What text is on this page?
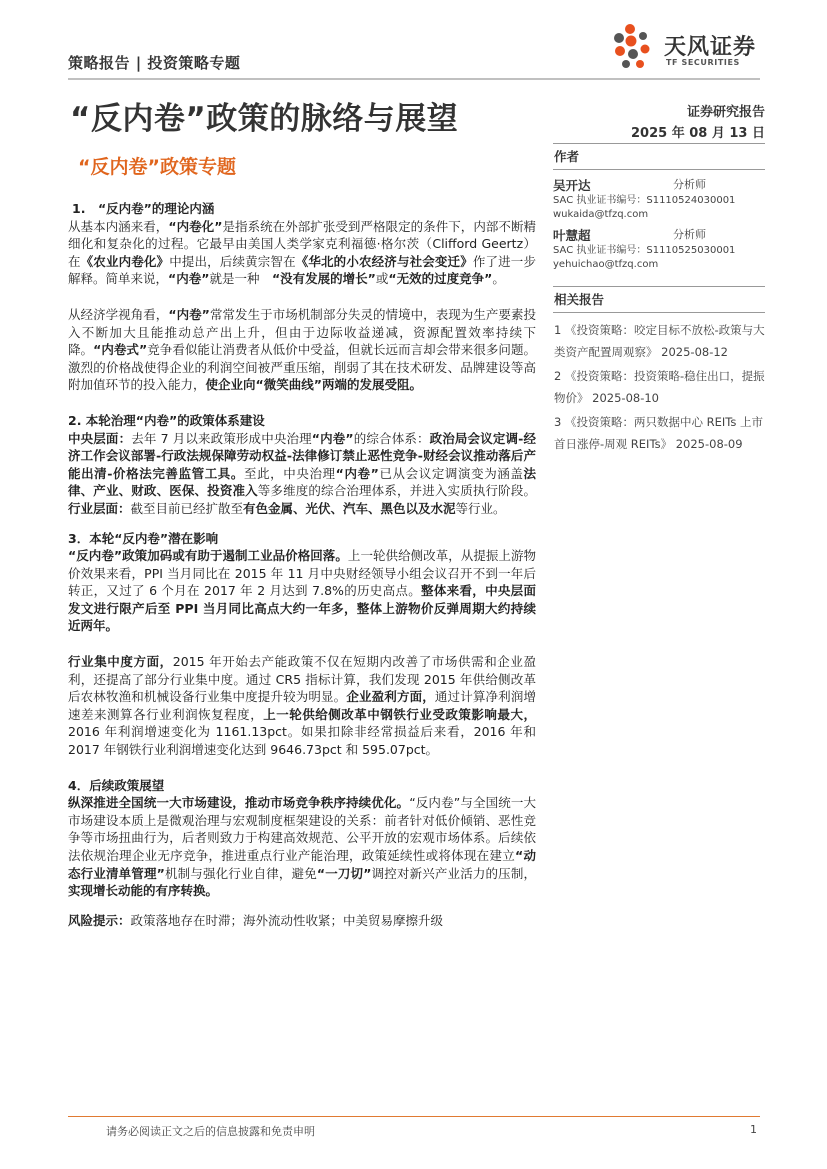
策略报告 | 投资策略专题
天风证券
TF SECURITIES
“反内卷”政策的脉络与展望
“反内卷”政策专题
证券研究报告
2025 年 08 月 13 日
作者
吴开达	分析师
SAC 执业证书编号：S1110524030001
wukaida@tfzq.com
叶慧超	分析师
SAC 执业证书编号：S1110525030001
yehuichao@tfzq.com
相关报告
1 《投资策略：咬定目标不放松-政策与大类资产配置周观察》 2025-08-12
2 《投资策略：投资策略-稳住出口，提振物价》 2025-08-10
3 《投资策略：两只数据中心 REITs 上市首日涨停-周观 REITs》 2025-08-09
1.　“反内卷”的理论内涵
从基本内涵来看，“内卷化”是指系统在外部扩张受到严格限定的条件下，内部不断精细化和复杂化的过程。它最早由美国人类学家克利福德·格尔茨（Clifford Geertz）在《农业内卷化》中提出，后续黄宗智在《华北的小农经济与社会变迁》作了进一步解释。简单来说，“内卷”就是一种　“没有发展的增长”或“无效的过度竞争”。
从经济学视角看，“内卷”常常发生于市场机制部分失灵的情境中，表现为生产要素投入不断加大且能推动总产出上升，但由于边际收益递减，资源配置效率持续下降。“内卷式”竞争看似能让消费者从低价中受益，但就长远而言却会带来很多问题。激烈的价格战使得企业的利润空间被严重压缩，削弱了其在技术研发、品牌建设等高附加值环节的投入能力，使企业向“微笑曲线”两端的发展受阻。
2. 本轮治理“内卷”的政策体系建设
中央层面：去年 7 月以来政策形成中央治理“内卷”的综合体系：政治局会议定调-经济工作会议部署-行政法规保障劳动权益-法律修订禁止恶性竞争-财经会议推动落后产能出清-价格法完善监管工具。至此，中央治理“内卷”已从会议定调演变为涵盖法律、产业、财政、医保、投资准入等多维度的综合治理体系，并进入实质执行阶段。行业层面：截至目前已经扩散至有色金属、光伏、汽车、黑色以及水泥等行业。
3．本轮“反内卷”潜在影响
“反内卷”政策加码或有助于遏制工业品价格回落。上一轮供给侧改革，从提振上游物价效果来看，PPI 当月同比在 2015 年 11 月中央财经领导小组会议召开不到一年后转正，又过了 6 个月在 2017 年 2 月达到 7.8%的历史高点。整体来看，中央层面发文进行限产后至 PPI 当月同比高点大约一年多，整体上游物价反弹周期大约持续近两年。
行业集中度方面，2015 年开始去产能政策不仅在短期内改善了市场供需和企业盈利，还提高了部分行业集中度。通过 CR5 指标计算，我们发现 2015 年供给侧改革后农林牧渔和机械设备行业集中度提升较为明显。企业盈利方面，通过计算净利润增速差来测算各行业利润恢复程度，上一轮供给侧改革中钢铁行业受政策影响最大，2016 年利润增速变化为 1161.13pct。如果扣除非经常损益后来看，2016 年和 2017 年钢铁行业利润增速变化达到 9646.73pct 和 595.07pct。
4．后续政策展望
纵深推进全国统一大市场建设，推动市场竞争秩序持续优化。“反内卷”与全国统一大市场建设本质上是微观治理与宏观制度框架建设的关系：前者针对低价倾销、恶性竞争等市场扭曲行为，后者则致力于构建高效规范、公平开放的宏观市场体系。后续依法依规治理企业无序竞争，推进重点行业产能治理，政策延续性或将体现在建立“动态行业清单管理”机制与强化行业自律，避免“一刀切”调控对新兴产业活力的压制，实现增长动能的有序转换。
风险提示：政策落地存在时滞；海外流动性收紧；中美贸易摩擦升级
请务必阅读正文之后的信息披露和免责申明	1
